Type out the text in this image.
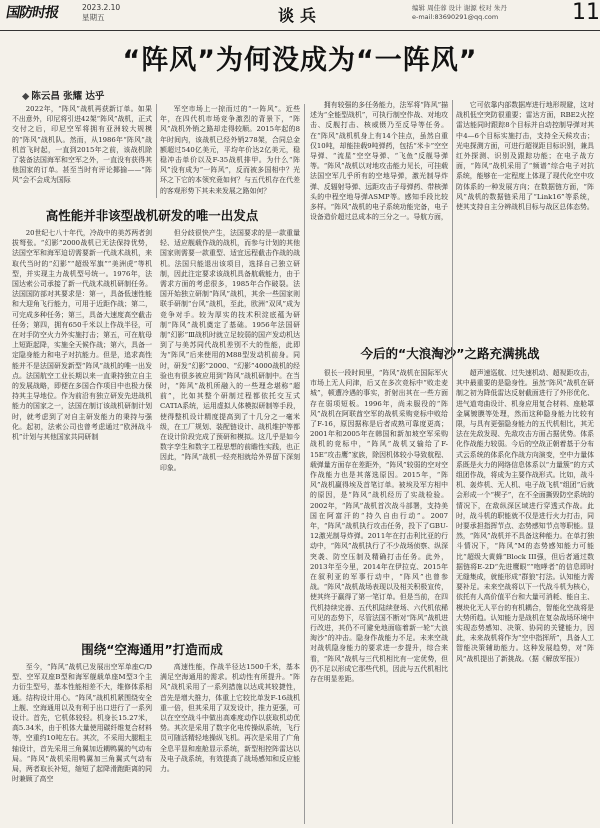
国防时报	2023.2.10
星期五	谈兵	编辑 周佳蓉 设计 谢源 校对 朱丹
e-mail:83690291@qq.com	11
“阵风”为何没成为“一阵风”
◆ 陈云昌 张耀 达乎
2022年，“阵风”战机再获新订单。如果不出意外，印尼将引进42架“阵风”战机，正式交付之后，印尼空军将拥有亚洲较大规模的“阵风”战机队。然而，从1986年“阵风”战机首飞时起，一直到2015年之前，该战机除了装备法国海军和空军之外，一直没有获得其他国家的订单。甚至当时有评论揶揄——“阵风”会不会成为国际
高性能并非该型战机研发的唯一出发点
20世纪七八十年代，冷战中的美苏两者剑拔弩张。“幻影”2000战机已无法保持优势，法国空军和海军迫切需要新一代战术战机，来取代当时的“幻影”“超级军旗”“美洲虎”等机型，并实现主力战机型号统一。1976年，法国达索公司承接了新一代战术战机研制任务。法国国防部对其要求是：第一，具备低速性能和大迎角飞行能力，可用于近距作战；第二，可完成多种任务；第三，具备大速度高空截击任务；第四，拥有650千米以上作战半径，可在对手防空火力外实施打击；第五，可在航母上短距起降，实施全天候作战；第六，具备一定隐身能力和电子对抗能力。但是，追求高性能并不是法国研发新型“阵风”战机的唯一出发点。法国航空工业长期以来一直秉持独立自主的发展战略，即便在多国合作项目中也极力保持其主导地位。作为前沿有独立研发先进战机能力的国家之一，法国在制订该战机研制计划时，就考虑到了对自主研发能力的秉持与强化。起初，法索公司也曾考虑通过“欧洲战斗机”计划与其他国家共同研制
围绕“空海通用”打造而成
至今，“阵风”战机已发展出空军单座C/D型、空军双座B型和海军舰载单座M型3个主力衍生型号，基本性能相差不大，维修体系相通。结构设计用心。“阵风”战机机紧围绕安全上舰、空海通用以及有利于出口进行了一系列设计。首先，它机体较轻。机身长15.27米，高5.34米，由于机体大量使用碳纤维复合材料等，空重约10吨左右。其次，不采用大腿粗主轴设计，首先采用三角翼加近耦鸭翼的气动布局。“阵风”战机采用鸭翼加三角翼式气动布局，两者取长补短，缩短了起降滑跑距离的同时兼顾了高空
军空市场上一掠而过的“一阵风”。近些年，在四代机市场竞争激烈的背景下，“阵风”战机外销之路却走得较顺。2015年起的8年时间内，该战机已经外销278架，合同总金额超过540亿美元，平均年价达2亿美元，稳稳冲击单价以及F-35战机排甲。为什么“阵风”没有成为“一阵风”，反而被多国相中？光环之下它的本领究竟如何？与五代机存在代差的客观形势下其未来发展之路如何？
但分歧很快产生，法国要求的是一款重量轻、适应舰载作战的战机，而参与计划的其他国家则需要一款重型、适宜远程截击作战的战机。法国只能退出该项目，选择自己独立研制，因此注定要求该战机具备航载能力，由于需求方面的考虑很多，1985年合作破裂。法国开始独立研制“阵风”战机，其余一些国家则联手研制“台风”战机，至此，欧洲“双风”成为竞争对手。较为厚实的技术积淀底蕴为研制“阵风”战机奠定了基础。1956年法国研制“幻影”Ⅲ战机时就立足较弱的国产发动机达到了与美苏同代战机差别不大的性能，此即为“阵风”后来使用的M88型发动机前身。同时，研发“幻影”2000、“幻影”4000战机的经验也有很多被应用到“阵风”战机研制中。在当时，“阵风”战机所融入的一些理念堪称“超前”，比如其整个研制过程都依托交互式CATIA系统，运用虚拟人体模拟研制等手段，使得整机设计精度提高到了十几分之一毫米级，在工厂规划、装配链设计、战机维护等都在设计阶段完成了预研和模拟。这几乎是如今数字孪生和数字工程思想的前瞻性实践，也正因此，“阵风”战机一经亮相就给外界留下深刻印象。
高速性能，作战半径达1500千米，基本满足空海通用的需求。机动性有所提升。“阵风”战机采用了一系列措施以达成其较捷性，首先是增大推力，体重上它较比单发F-16战机重一倍，但其采用了双发设计，推力更强，可以在空空战斗中做出高难度动作以获取机动优势。其次是采用了数字化电传操纵系统，飞行员可随活精轻地操纵飞机。再次是采用了广角全息平显和座舱显示系统，新型相控阵雷达以及电子战系统，有效提高了战场感知和反应能力。
拥有较强的多任务能力，法军将“阵风”描述为“全能型战机”，可执行制空作战、对地攻击、反舰打击、核威慑乃至反导等任务。在“阵风”战机机身上有14个挂点，虽然自重仅10吨，却能挂载9吨弹药，包括“米卡”空空导弹、“流星”空空导弹、“飞鱼”反舰导弹等。“阵风”战机以对地攻击能力见长，可挂载法国空军几乎所有的空地导弹，激光制导炸弹、反辐射导弹、远距攻击子母弹药、带核弹头的中程空地导弹ASMP等。感知手段比较多样。“阵风”战机的电子系统功能完备，电子设备造价超过总成本的三分之一。导航方面，
今后的“大浪淘沙”之路充满挑战
很长一段时间里，“阵风”战机在国际军火市场上无人问津，后又在多次竞标中“败走麦城”，顿遭冷遇的事实，折射出其在一些方面存在弱项短板。1996年，尚未服役的“阵风”战机在阿联酋空军的战机采购竞标中败给了F-16，原因据称是后者成熟可靠度更高；2001年和2005年在韩国和新加坡空军采购战机的竞标中，“阵风”战机又输给了F-15E“攻击鹰”家族，除因机体较小导致航程、载弹量方面存在差距外，“阵风”较弱的空对空作战能力也是其落选原因。2015年，“阵风”战机赢得埃及首笔订单。被埃及军方相中的原因，是“阵风”战机经历了实战检验。2002年，“阵风”战机首次战斗部署，支持美国在阿富汗的“持久自由行动”。2007年，“阵风”战机执行攻击任务，投下了GBU-12激光制导炸弹。2011年在打击利比亚的行动中，“阵风”战机执行了不少战场侦察、纵深突袭、防空压制及精确打击任务。此外，2013年至今里，2014年在伊拉克、2015年在叙利亚的军事行动中，“阵风”也曾参战。“阵风”战机战场表现以及相关积极宣传，使其终于赢得了第一笔订单。但是当前，在四代机持续完善、五代机陆续登场、六代机依稀可见的态势下，尽管法国不断对“阵风”战机进行改进，其仍不可避免地面临着新一轮“大浪淘沙”的冲击。隐身作战能力不足。未来空战对战机隐身能力的要求进一步提升，综合来看，“阵风”战机与三代机相比有一定优势，但仍不足以形成它那些代机，因此与五代机相比存在明显差距。
它可依靠内部数据库进行地形规避，这对战机低空突防很重要；雷达方面，RBE2火控雷达能同时跟踪8个目标并自动控制导弹对其中4—6个目标实施打击，支持全天候攻击；光电探测方面，可进行超视距目标识别，兼具红外探测、识别及跟踪功能；在电子战方面，“阵风”战机采用了“频谱”综合电子对抗系统，能够在一定程度上体现了现代化空中攻防体系的一种发展方向；在数据链方面，“阵风”战机的数据链采用了“Link16”等系统，使其支持自主分辨战机目标与战区总体态势。
超声速巡航、过失速机动、超视距攻击，其中最重要的是隐身性。虽然“阵风”战机在研制之初为降低雷达反射截面进行了外形优化、进气道弯曲设计、机身应用复合材料、座舱罩金属镀膜等处理，然而这种隐身能力比较有限，与具有更强隐身能力的五代机相比，其无法在先敌发现、先敌攻击方面占据优势。体系化作战能力较弱。今后的空战正朝着基于分布式云系统的体系化作战方向演变，空中力量体系既是火力的网络信息体系以“力量簇”的方式组团作战，将成为主要作战形式。比如，战斗机、轰炸机、无人机、电子战飞机“组团”后就会形成一个“楔子”，在不全面撕毁防空系统的情况下，在敌纵深区域进行穿透式作战。此时，战斗机的职能就不仅是进行火力打击，同时要承担指挥节点、态势感知节点等职能。显然，“阵风”战机并不具备这种能力。在单打独斗情况下，“阵风”M的态势感知能力可能比“超级大黄蜂”Block III强，但后者通过数据链将E-2D“先进鹰眼”“咆哮者”的信息即时无缝集成，就能形成“群狼”打法。认知能力需要补足。未来空战将以下一代战斗机为核心，依托有人高价值平台和大量可消耗、能自主、模块化无人平台的有机耦合，智能化空战将是大势所趋。认知能力是战机在复杂战场环境中实现态势感知、决策、协同的关键能力，因此，未来战机将作为“空中指挥所”，具备人工智能决策辅助能力。这种发展趋势，对“阵风”战机提出了新挑战。（据《解放军报》）
